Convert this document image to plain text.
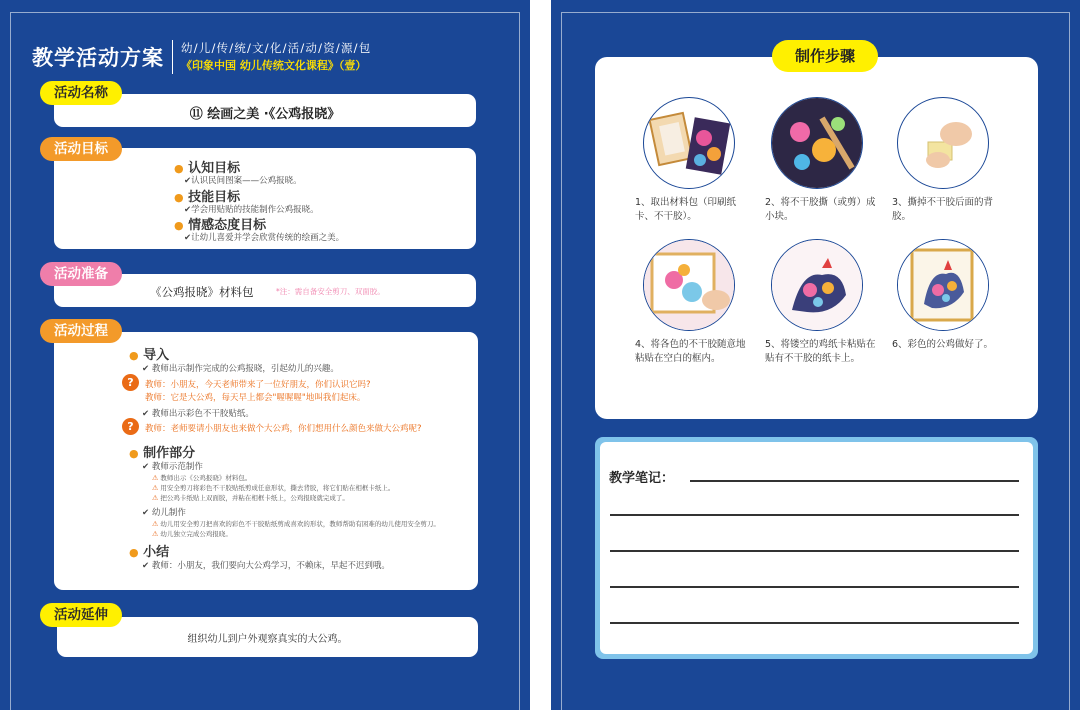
教学活动方案 幼/儿/传/统/文/化/活/动/资/源/包
《印象中国 幼儿传统文化课程》（壹）
⑪ 绘画之美 ·《公鸡报晓》
活动名称
● 认知目标
✔认识民间图案——公鸡报晓。
● 技能目标
✔学会用贴贴的技能制作公鸡报晓。
● 情感态度目标
✔让幼儿喜爱并学会欣赏传统的绘画之美。
活动目标
《公鸡报晓》材料包	*注：需自备安全剪刀、双面胶。
活动准备
● 导入
✔ 教师出示制作完成的公鸡报晓，引起幼儿的兴趣。
?	教师：小朋友，今天老师带来了一位好朋友，你们认识它吗?
教师：它是大公鸡，每天早上都会"喔喔喔"地叫我们起床。
✔ 教师出示彩色不干胶贴纸。
?	教师：老师要请小朋友也来做个大公鸡，你们想用什么颜色来做大公鸡呢?
● 制作部分
✔ 教师示范制作
⚠ 教师出示《公鸡报晓》材料包。
⚠ 用安全剪刀将彩色不干胶贴纸剪成任意形状，撕去背胶，将它们贴在相框卡纸上。
⚠ 把公鸡卡纸贴上双面胶，并粘在相框卡纸上，公鸡报晓就完成了。
✔ 幼儿制作
⚠ 幼儿用安全剪刀把喜欢的彩色不干胶贴纸剪成喜欢的形状，教师帮助有困难的幼儿使用安全剪刀。
⚠ 幼儿独立完成公鸡报晓。
● 小结
✔ 教师：小朋友，我们要向大公鸡学习，不赖床，早起不迟到哦。
活动过程
组织幼儿到户外观察真实的大公鸡。
活动延伸
1、取出材料包（印刷纸卡、不干胶）。
2、将不干胶撕（或剪）成小块。
3、撕掉不干胶后面的背胶。
4、将各色的不干胶随意地粘贴在空白的框内。
5、将镂空的鸡纸卡粘贴在贴有不干胶的纸卡上。
6、彩色的公鸡做好了。
制作步骤
教学笔记：
